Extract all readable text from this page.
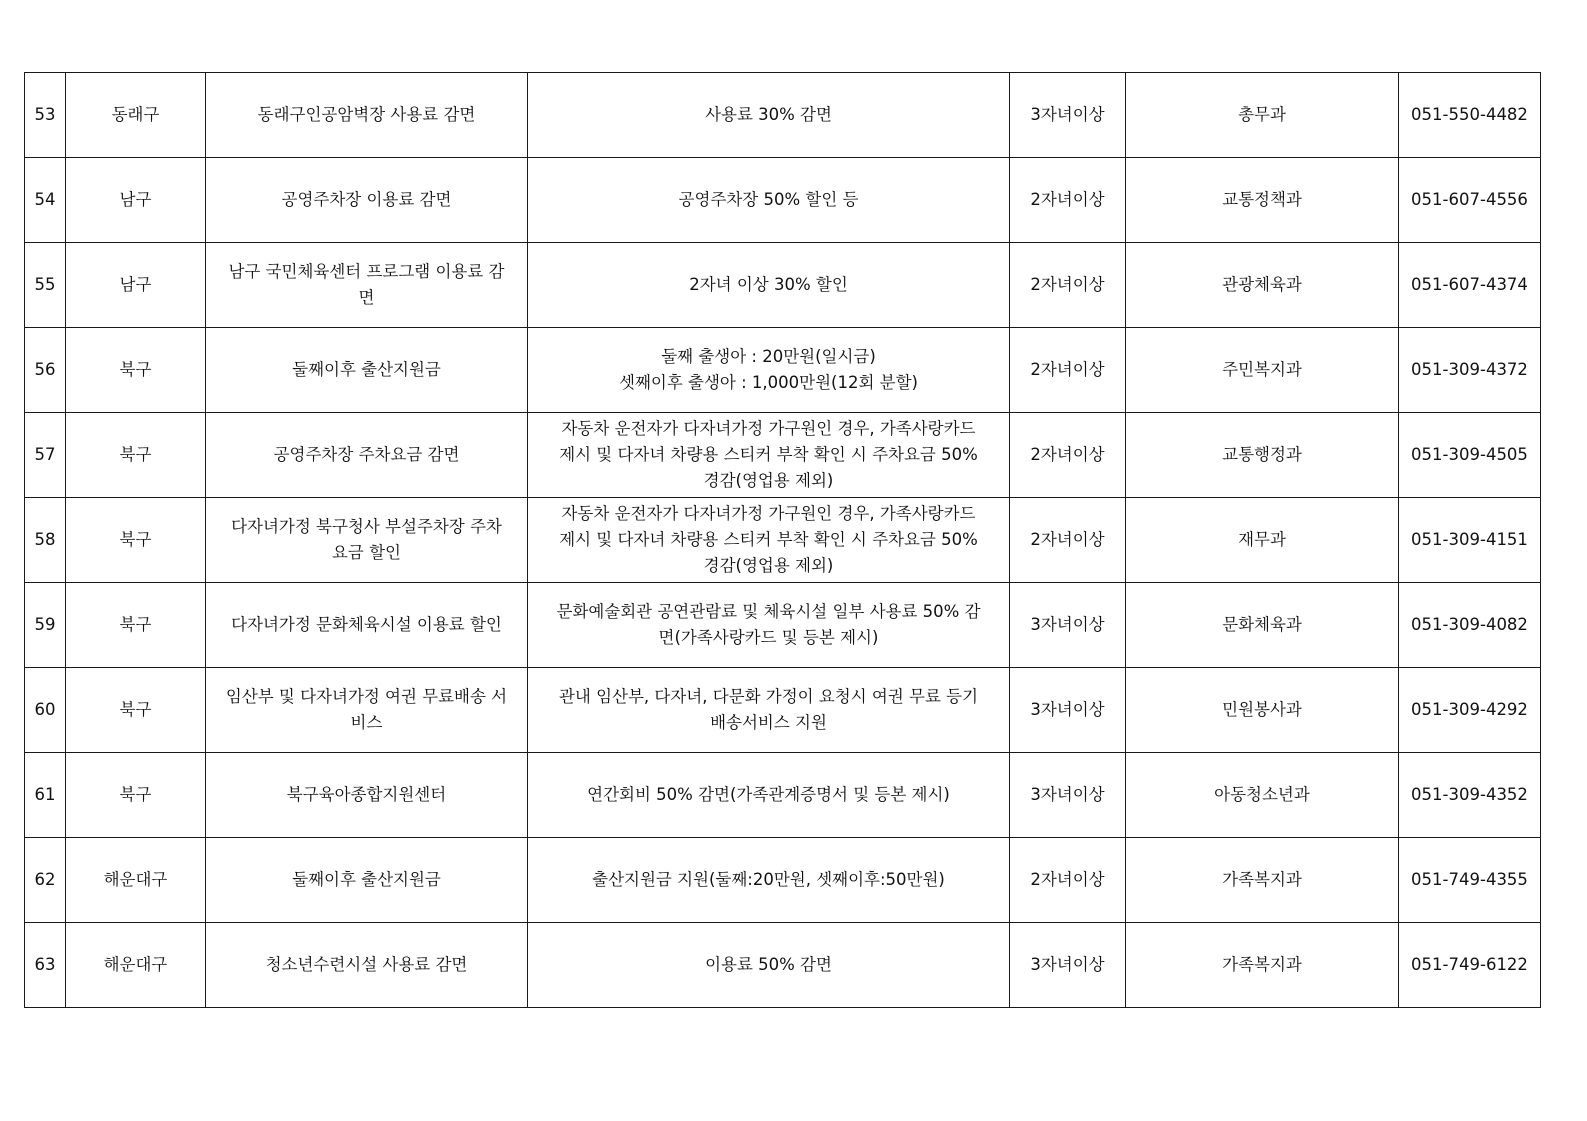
53	동래구	동래구인공암벽장 사용료 감면	사용료 30% 감면	3자녀이상	총무과	051-550-4482
54	남구	공영주차장 이용료 감면	공영주차장 50% 할인 등	2자녀이상	교통정책과	051-607-4556
55	남구	남구 국민체육센터 프로그램 이용료 감
면	2자녀 이상 30% 할인	2자녀이상	관광체육과	051-607-4374
56	북구	둘째이후 출산지원금	둘째 출생아 : 20만원(일시금)
셋째이후 출생아 : 1,000만원(12회 분할)	2자녀이상	주민복지과	051-309-4372
57	북구	공영주차장 주차요금 감면	자동차 운전자가 다자녀가정 가구원인 경우, 가족사랑카드
제시 및 다자녀 차량용 스티커 부착 확인 시 주차요금 50%
경감(영업용 제외)	2자녀이상	교통행정과	051-309-4505
58	북구	다자녀가정 북구청사 부설주차장 주차
요금 할인	자동차 운전자가 다자녀가정 가구원인 경우, 가족사랑카드
제시 및 다자녀 차량용 스티커 부착 확인 시 주차요금 50%
경감(영업용 제외)	2자녀이상	재무과	051-309-4151
59	북구	다자녀가정 문화체육시설 이용료 할인	문화예술회관 공연관람료 및 체육시설 일부 사용료 50% 감
면(가족사랑카드 및 등본 제시)	3자녀이상	문화체육과	051-309-4082
60	북구	임산부 및 다자녀가정 여권 무료배송 서
비스	관내 임산부, 다자녀, 다문화 가정이 요청시 여권 무료 등기
배송서비스 지원	3자녀이상	민원봉사과	051-309-4292
61	북구	북구육아종합지원센터	연간회비 50% 감면(가족관계증명서 및 등본 제시)	3자녀이상	아동청소년과	051-309-4352
62	해운대구	둘째이후 출산지원금	출산지원금 지원(둘째:20만원, 셋째이후:50만원)	2자녀이상	가족복지과	051-749-4355
63	해운대구	청소년수련시설 사용료 감면	이용료 50% 감면	3자녀이상	가족복지과	051-749-6122
